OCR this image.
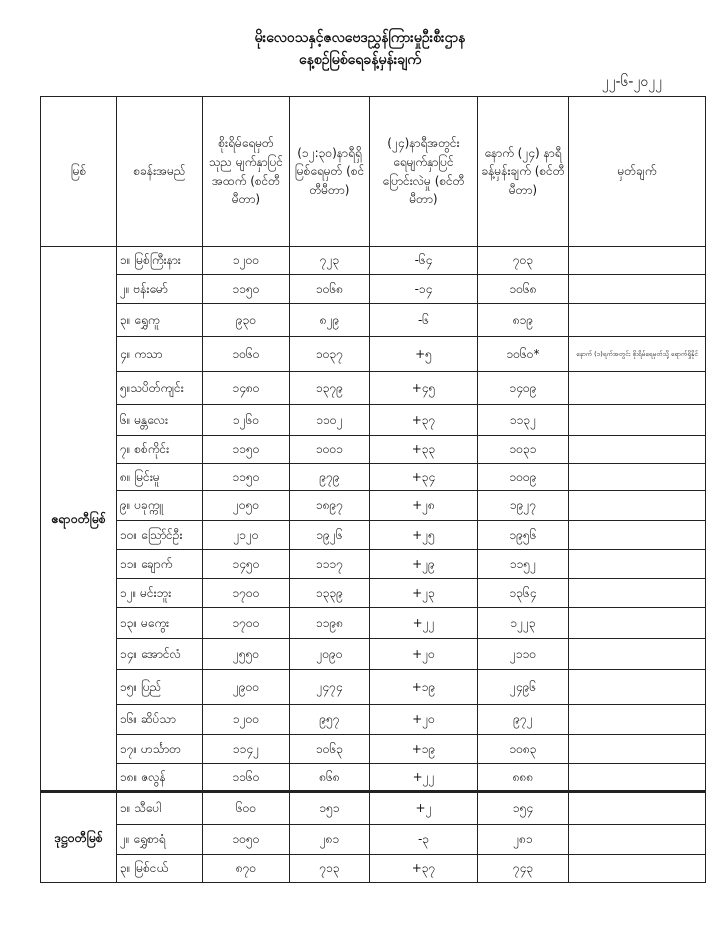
မိုးလေဝသနှင့်ဇလဗေဒညွှန်ကြားမှုဦးစီးဌာန
နေ့စဉ်မြစ်ရေခန့်မှန်းချက်
၂၂-၆-၂၀၂၂
မြစ်	စခန်းအမည်	စိုးရိမ်ရေမှတ် သုည မျက်နှာပြင် အထက် (စင်တီမီတာ)	(၁၂:၃၀)နာရီရှိ မြစ်ရေမှတ် (စင်တီမီတာ)	(၂၄)နာရီအတွင်း ရေမျက်နှာပြင် ပြောင်းလဲမှု (စင်တီမီတာ)	နောက် (၂၄) နာရီ ခန့်မှန်းချက် (စင်တီမီတာ)	မှတ်ချက်
ဧရာဝတီမြစ်	၁။ မြစ်ကြီးနား	၁၂၀၀	၇၂၃	-၆၄	၇၀၃	
	၂။ ဗန်းမော်	၁၁၅၀	၁၀၆၈	-၁၄	၁၀၆၈	
	၃။ ရွှေကူ	၉၃၀	၈၂၉	-၆	၈၁၉	
	၄။ ကသာ	၁၀၆၀	၁၀၃၇	+၅	၁၀၆၀*	နောက် (၁)ရက်အတွင်း စိုးရိမ်ရေမှတ်သို့ ရောက်ရှိနိုင်
	၅။သပိတ်ကျင်း	၁၄၈၀	၁၃၇၉	+၄၅	၁၄၀၉	
	၆။ မန္တလေး	၁၂၆၀	၁၁၀၂	+၃၇	၁၁၃၂	
	၇။ စစ်ကိုင်း	၁၁၅၀	၁၀၀၁	+၃၃	၁၀၃၁	
	၈။ မြင်းမူ	၁၁၅၀	၉၇၉	+၃၄	၁၀၀၉	
	၉။ ပခုက္ကူ	၂၀၅၀	၁၈၉၇	+၂၈	၁၉၂၇	
	၁၀။ ဪင်ဦး	၂၁၂၀	၁၉၂၆	+၂၅	၁၉၅၆	
	၁၁။ ချောက်	၁၄၅၀	၁၁၁၇	+၂၉	၁၁၅၂	
	၁၂။ မင်းဘူး	၁၇၀၀	၁၃၃၉	+၂၃	၁၃၆၄	
	၁၃။ မကွေး	၁၇၀၀	၁၁၉၈	+၂၂	၁၂၂၃	
	၁၄။ အောင်လံ	၂၅၅၀	၂၀၉၀	+၂၀	၂၁၁၀	
	၁၅။ ပြည်	၂၉၀၀	၂၄၇၄	+၁၉	၂၄၉၆	
	၁၆။ ဆိပ်သာ	၁၂၀၀	၉၅၇	+၂၀	၉၇၂	
	၁၇။ ဟင်္သာတ	၁၁၄၂	၁၀၆၃	+၁၉	၁၀၈၃	
	၁၈။ ဇလွန်	၁၁၆၀	၈၆၈	+၂၂	၈၈၈	
ဒုဋ္ဌဝတီမြစ်	၁။ သီပေါ	၆၀၀	၁၅၁	+၂	၁၅၄	
	၂။ ရွှေစာရံ	၁၀၅၀	၂၈၁	-၃	၂၈၁	
	၃။ မြစ်ငယ်	၈၇၀	၇၁၃	+၃၇	၇၄၃	
